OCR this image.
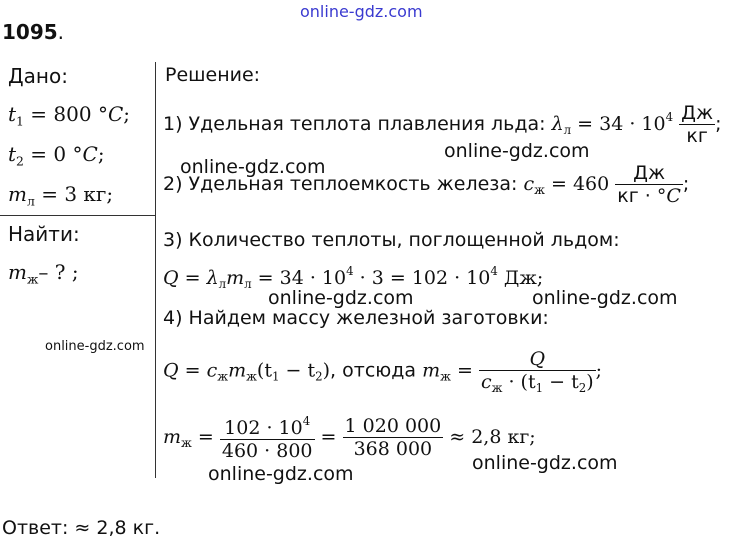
online-gdz.com
1095.
Дано:
$t_1 = 800$ °C;
$t_2 = 0$ °C;
$m_л = 3$ кг;
Найти:
$m_ж-$ ? ;
Решение:
1) Удельная теплота плавления льда: $\lambda_л = 34 \cdot 10^4 \frac{Дж}{кг}$ ;
2) Удельная теплоемкость железа: $c_ж = 460 \frac{Дж}{кг \cdot ^\circ C}$ ;
3) Количество теплоты, поглощенной льдом:
$Q = \lambda_лm_л = 34 \cdot 10^4 \cdot 3 = 102 \cdot 10^4$ Дж;
4) Найдем массу железной заготовки:
$Q = c_жm_ж(t_1 - t_2)$, отсюда $m_ж = \frac{Q}{c_ж \cdot (t_1 - t_2)}$ ;
$m_ж = \frac{102 \cdot 10^4}{460 \cdot 800} = \frac{1 020 000}{368 000} \approx 2,8$ кг;
Ответ: ≈ 2,8 кг.
online-gdz.com
online-gdz.com
online-gdz.com	online-gdz.com
online-gdz.com
online-gdz.com
online-gdz.com
